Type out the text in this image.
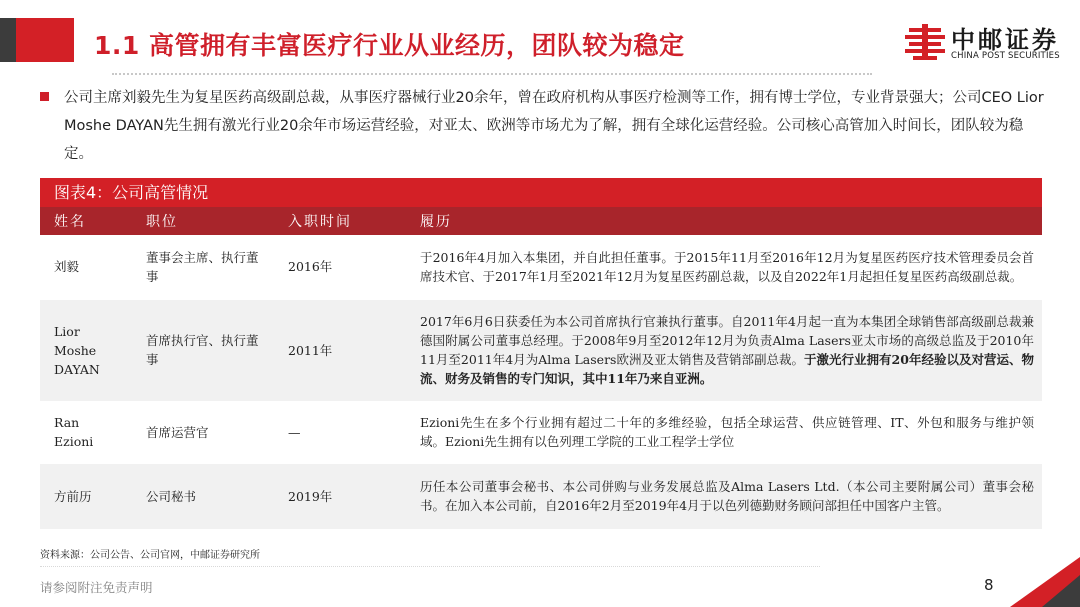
1.1 高管拥有丰富医疗行业从业经历，团队较为稳定	中邮证券
CHINA POST SECURITIES
公司主席刘毅先生为复星医药高级副总裁，从事医疗器械行业20余年，曾在政府机构从事医疗检测等工作，拥有博士学位，专业背景强大；公司CEO Lior Moshe DAYAN先生拥有激光行业20余年市场运营经验，对亚太、欧洲等市场尤为了解，拥有全球化运营经验。公司核心高管加入时间长，团队较为稳定。
图表4：公司高管情况
姓名	职位	入职时间	履历
刘毅	董事会主席、执行董事	2016年	于2016年4月加入本集团，并自此担任董事。于2015年11月至2016年12月为复星医药医疗技术管理委员会首席技术官、于2017年1月至2021年12月为复星医药副总裁，以及自2022年1月起担任复星医药高级副总裁。
Lior Moshe DAYAN	首席执行官、执行董事	2011年	2017年6月6日获委任为本公司首席执行官兼执行董事。自2011年4月起一直为本集团全球销售部高级副总裁兼德国附属公司董事总经理。于2008年9月至2012年12月为负责Alma Lasers亚太市场的高级总监及于2010年11月至2011年4月为Alma Lasers欧洲及亚太销售及营销部副总裁。于激光行业拥有20年经验以及对营运、物流、财务及销售的专门知识，其中11年乃来自亚洲。
Ran Ezioni	首席运营官	—	Ezioni先生在多个行业拥有超过二十年的多维经验，包括全球运营、供应链管理、IT、外包和服务与维护领域。Ezioni先生拥有以色列理工学院的工业工程学士学位
方前历	公司秘书	2019年	历任本公司董事会秘书、本公司併购与业务发展总监及Alma Lasers Ltd.（本公司主要附属公司）董事会秘书。在加入本公司前，自2016年2月至2019年4月于以色列德勤财务顾问部担任中国客户主管。
资料来源：公司公告、公司官网，中邮证券研究所
请参阅附注免责声明	8
